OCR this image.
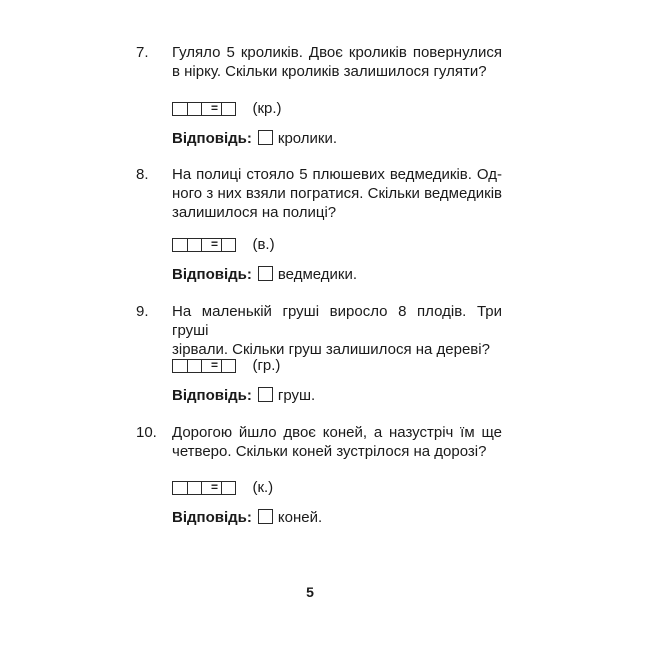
7. Гуляло 5 кроликів. Двоє кроликів повернулися
в нірку. Скільки кроликів залишилося гуляти?
= (кр.)
Відповідь: кролики.
8. На полиці стояло 5 плюшевих ведмедиків. Од-
ного з них взяли погратися. Скільки ведмедиків
залишилося на полиці?
= (в.)
Відповідь: ведмедики.
9. На маленькій груші виросло 8 плодів. Три груші
зірвали. Скільки груш залишилося на дереві?
= (гр.)
Відповідь: груш.
10. Дорогою йшло двоє коней, а назустріч їм ще
четверо. Скільки коней зустрілося на дорозі?
= (к.)
Відповідь: коней.
5
